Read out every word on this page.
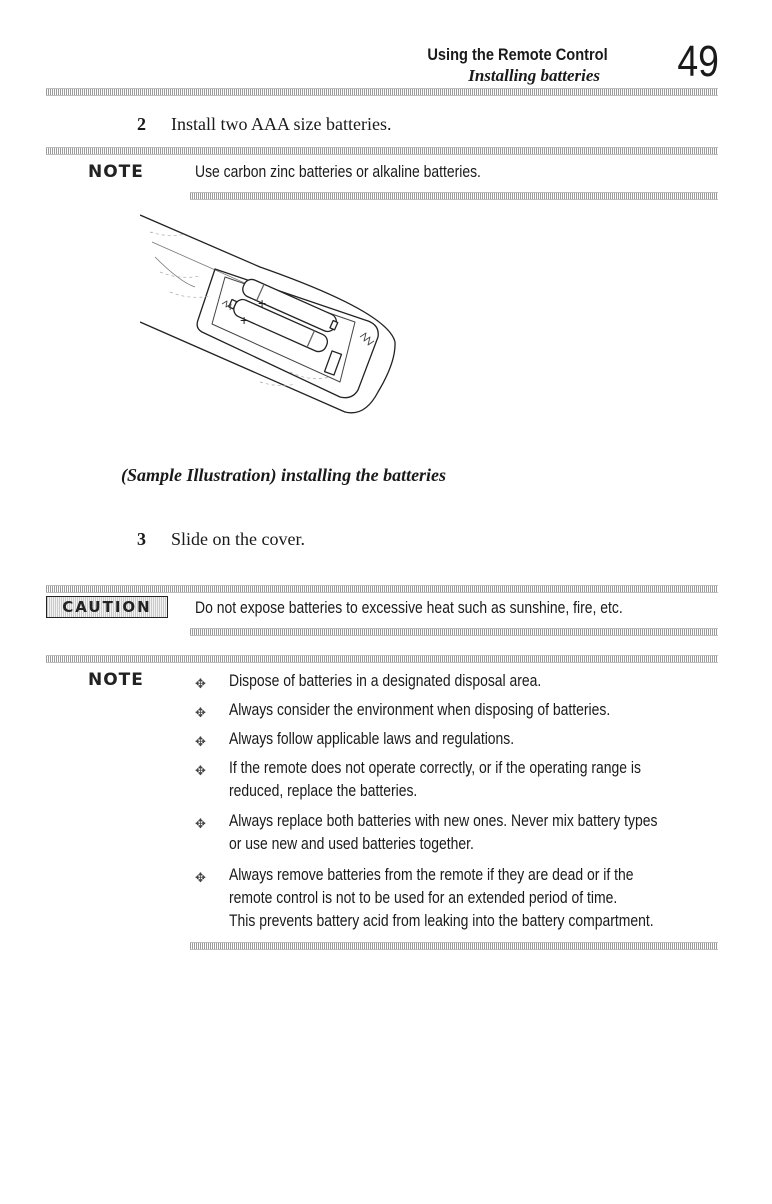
Using the Remote Control
Installing batteries 49
2 Install two AAA size batteries.
NOTE	Use carbon zinc batteries or alkaline batteries.
+
+
(Sample Illustration) installing the batteries
3 Slide on the cover.
CAUTION	Do not expose batteries to excessive heat such as sunshine, fire, etc.
NOTE	✥ Dispose of batteries in a designated disposal area.
✥ Always consider the environment when disposing of batteries.
✥ Always follow applicable laws and regulations.
✥ If the remote does not operate correctly, or if the operating range is
reduced, replace the batteries.
✥ Always replace both batteries with new ones. Never mix battery types
or use new and used batteries together.
✥ Always remove batteries from the remote if they are dead or if the
remote control is not to be used for an extended period of time.
This prevents battery acid from leaking into the battery compartment.
